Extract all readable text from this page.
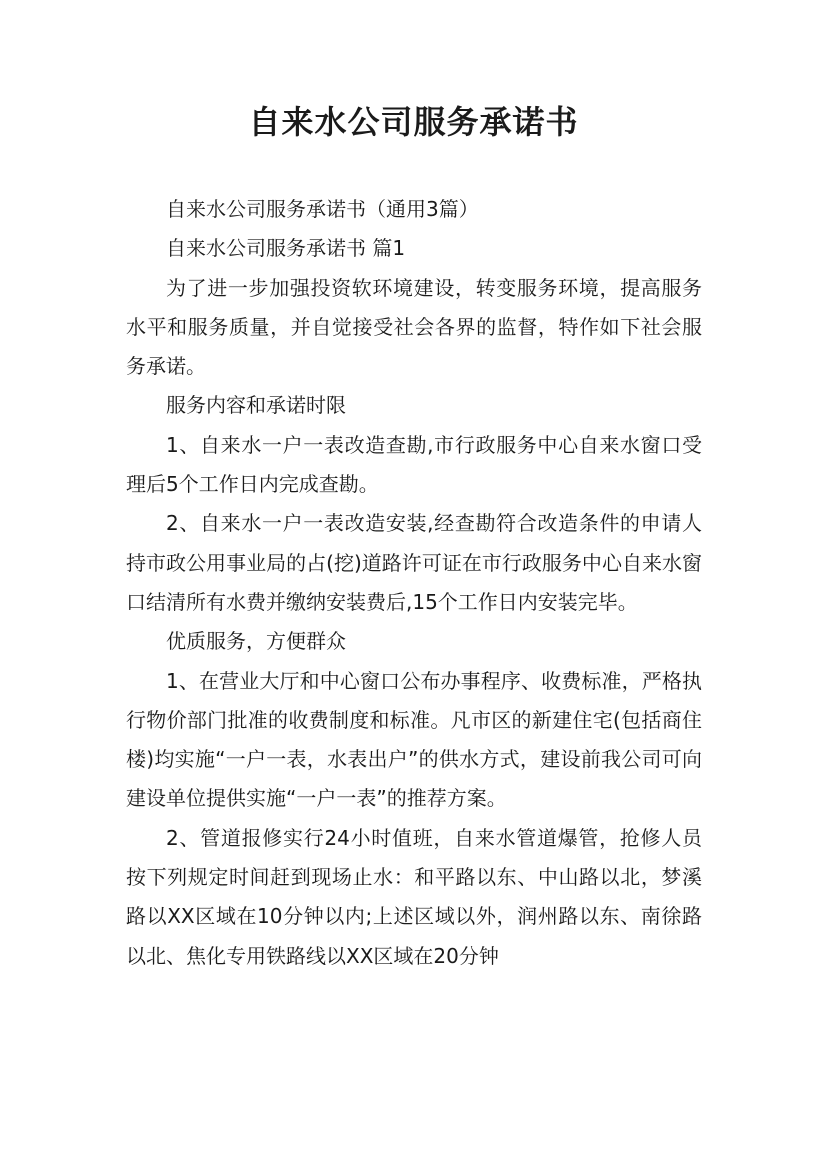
自来水公司服务承诺书

自来水公司服务承诺书（通用3篇）

自来水公司服务承诺书 篇1

为了进一步加强投资软环境建设，转变服务环境，提高服务水平和服务质量，并自觉接受社会各界的监督，特作如下社会服务承诺。

服务内容和承诺时限

1、自来水一户一表改造查勘,市行政服务中心自来水窗口受理后5个工作日内完成查勘。

2、自来水一户一表改造安装,经查勘符合改造条件的申请人持市政公用事业局的占(挖)道路许可证在市行政服务中心自来水窗口结清所有水费并缴纳安装费后,15个工作日内安装完毕。

优质服务，方便群众

1、在营业大厅和中心窗口公布办事程序、收费标准，严格执行物价部门批准的收费制度和标准。凡市区的新建住宅(包括商住楼)均实施“一户一表，水表出户”的供水方式，建设前我公司可向建设单位提供实施“一户一表”的推荐方案。

2、管道报修实行24小时值班，自来水管道爆管，抢修人员按下列规定时间赶到现场止水：和平路以东、中山路以北，梦溪路以XX区域在10分钟以内;上述区域以外，润州路以东、南徐路以北、焦化专用铁路线以XX区域在20分钟
